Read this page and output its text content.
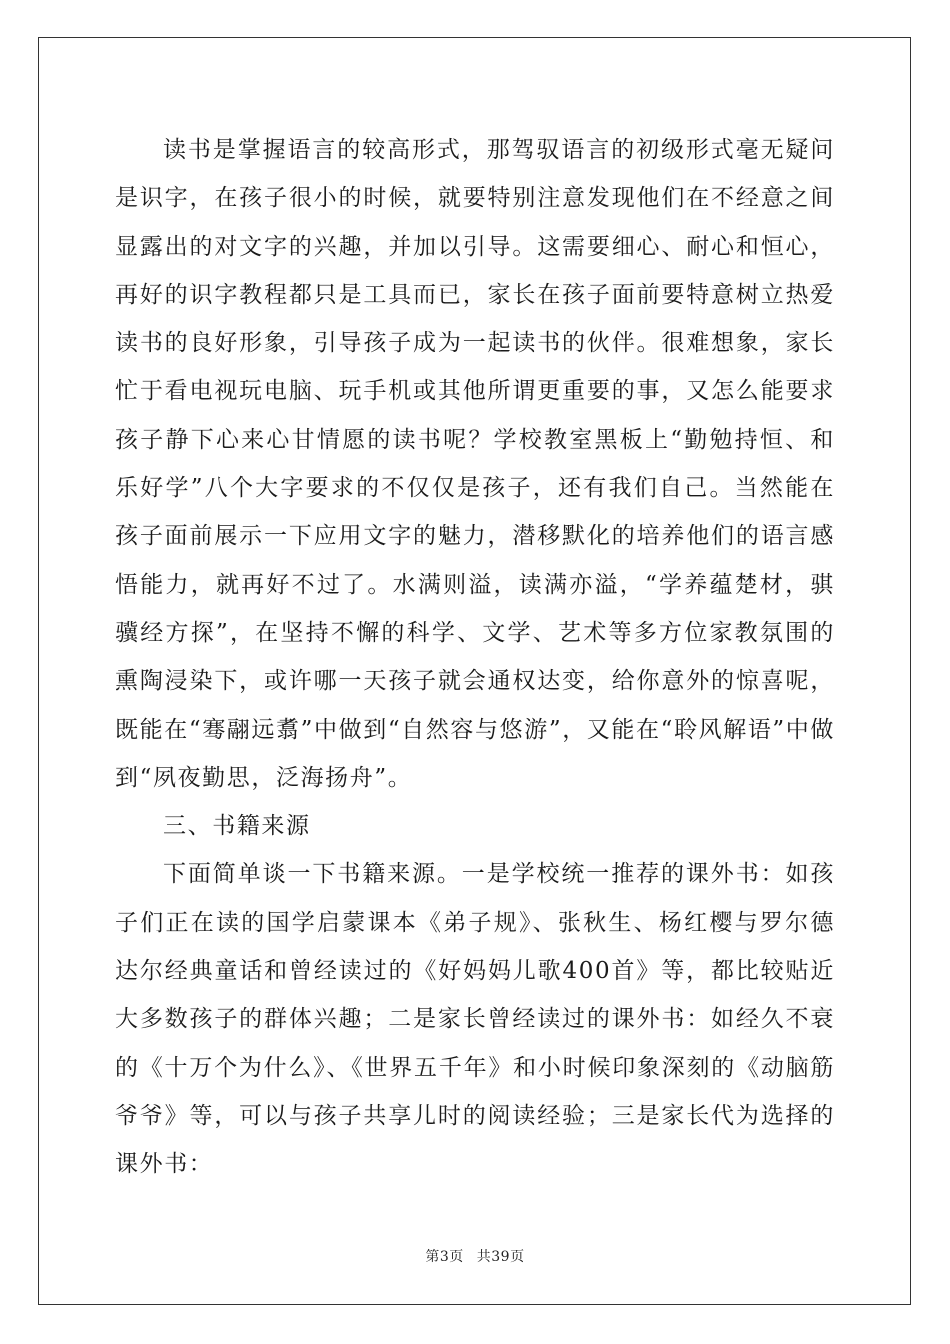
读书是掌握语言的较高形式，那驾驭语言的初级形式毫无疑问是识字，在孩子很小的时候，就要特别注意发现他们在不经意之间显露出的对文字的兴趣，并加以引导。这需要细心、耐心和恒心，再好的识字教程都只是工具而已，家长在孩子面前要特意树立热爱读书的良好形象，引导孩子成为一起读书的伙伴。很难想象，家长忙于看电视玩电脑、玩手机或其他所谓更重要的事，又怎么能要求孩子静下心来心甘情愿的读书呢？学校教室黑板上“勤勉持恒、和乐好学”八个大字要求的不仅仅是孩子，还有我们自己。当然能在孩子面前展示一下应用文字的魅力，潜移默化的培养他们的语言感悟能力，就再好不过了。水满则溢，读满亦溢，“学养蕴楚材，骐骥经方探”，在坚持不懈的科学、文学、艺术等多方位家教氛围的熏陶浸染下，或许哪一天孩子就会通权达变，给你意外的惊喜呢，既能在“骞翮远翥”中做到“自然容与悠游”，又能在“聆风解语”中做到“夙夜勤思，泛海扬舟”。

三、书籍来源

下面简单谈一下书籍来源。一是学校统一推荐的课外书：如孩子们正在读的国学启蒙课本《弟子规》、张秋生、杨红樱与罗尔德 达尔经典童话和曾经读过的《好妈妈儿歌400首》等，都比较贴近大多数孩子的群体兴趣；二是家长曾经读过的课外书：如经久不衰的《十万个为什么》、《世界五千年》和小时候印象深刻的《动脑筋爷爷》等，可以与孩子共享儿时的阅读经验；三是家长代为选择的课外书：

第3页 共39页
